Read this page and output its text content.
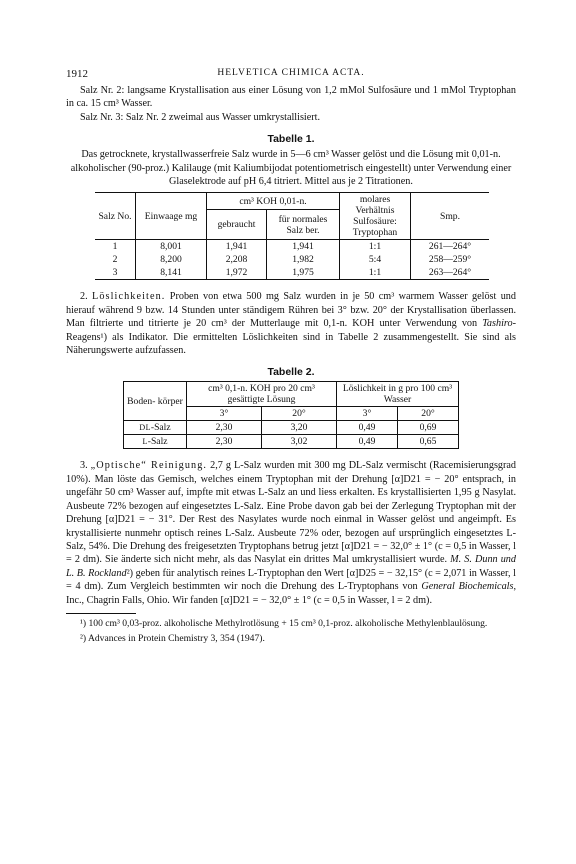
1912	HELVETICA CHIMICA ACTA.

Salz Nr. 2: langsame Krystallisation aus einer Lösung von 1,2 mMol Sulfosäure und 1 mMol Tryptophan in ca. 15 cm³ Wasser.

Salz Nr. 3: Salz Nr. 2 zweimal aus Wasser umkrystallisiert.

Tabelle 1.

Das getrocknete, krystallwasserfreie Salz wurde in 5—6 cm³ Wasser gelöst und die Lösung mit 0,01-n. alkoholischer (90-proz.) Kalilauge (mit Kaliumbijodat potentiometrisch eingestellt) unter Verwendung einer Glaselektrode auf pH 6,4 titriert. Mittel aus je 2 Titrationen.

Salz No.	Einwaage mg	cm³ KOH 0,01-n.		molares Verhältnis Sulfosäure: Tryptophan	Smp.
		gebraucht	für normales Salz ber.		
1	8,001	1,941	1,941	1:1	261—264°
2	8,200	2,208	1,982	5:4	258—259°
3	8,141	1,972	1,975	1:1	263—264°

2. Löslichkeiten. Proben von etwa 500 mg Salz wurden in je 50 cm³ warmem Wasser gelöst und hierauf während 9 bzw. 14 Stunden unter ständigem Rühren bei 3° bzw. 20° der Krystallisation überlassen. Man filtrierte und titrierte je 20 cm³ der Mutterlauge mit 0,1-n. KOH unter Verwendung von Tashiro-Reagens¹) als Indikator. Die ermittelten Löslichkeiten sind in Tabelle 2 zusammengestellt. Sie sind als Näherungswerte aufzufassen.

Tabelle 2.
Boden- körper	cm³ 0,1-n. KOH pro 20 cm³ gesättigte Lösung		Löslichkeit in g pro 100 cm³ Wasser	
	3°	20°	3°	20°
DL-Salz	2,30	3,20	0,49	0,69
L-Salz	2,30	3,02	0,49	0,65

3. „Optische“ Reinigung. 2,7 g L-Salz wurden mit 300 mg DL-Salz vermischt (Racemisierungsgrad 10%). Man löste das Gemisch, welches einem Tryptophan mit der Drehung [α]D21 = − 20° entsprach, in ungefähr 50 cm³ Wasser auf, impfte mit etwas L-Salz an und liess erkalten. Es krystallisierten 1,95 g Nasylat. Ausbeute 72% bezogen auf eingesetztes L-Salz. Eine Probe davon gab bei der Zerlegung Tryptophan mit der Drehung [α]D21 = − 31°. Der Rest des Nasylates wurde noch einmal in Wasser gelöst und angeimpft. Es krystallisierte nunmehr optisch reines L-Salz. Ausbeute 72% oder, bezogen auf ursprünglich eingesetztes L-Salz, 54%. Die Drehung des freigesetzten Tryptophans betrug jetzt [α]D21 = − 32,0° ± 1° (c = 0,5 in Wasser, l = 2 dm). Sie änderte sich nicht mehr, als das Nasylat ein drittes Mal umkrystallisiert wurde. M. S. Dunn und L. B. Rockland²) geben für analytisch reines L-Tryptophan den Wert [α]D25 = − 32,15° (c = 2,071 in Wasser, l = 4 dm). Zum Vergleich bestimmten wir noch die Drehung des L-Tryptophans von General Biochemicals, Inc., Chagrin Falls, Ohio. Wir fanden [α]D21 = − 32,0° ± 1° (c = 0,5 in Wasser, l = 2 dm).

¹) 100 cm³ 0,03-proz. alkoholische Methylrotlösung + 15 cm³ 0,1-proz. alkoholische Methylenblaulösung.

²) Advances in Protein Chemistry 3, 354 (1947).
